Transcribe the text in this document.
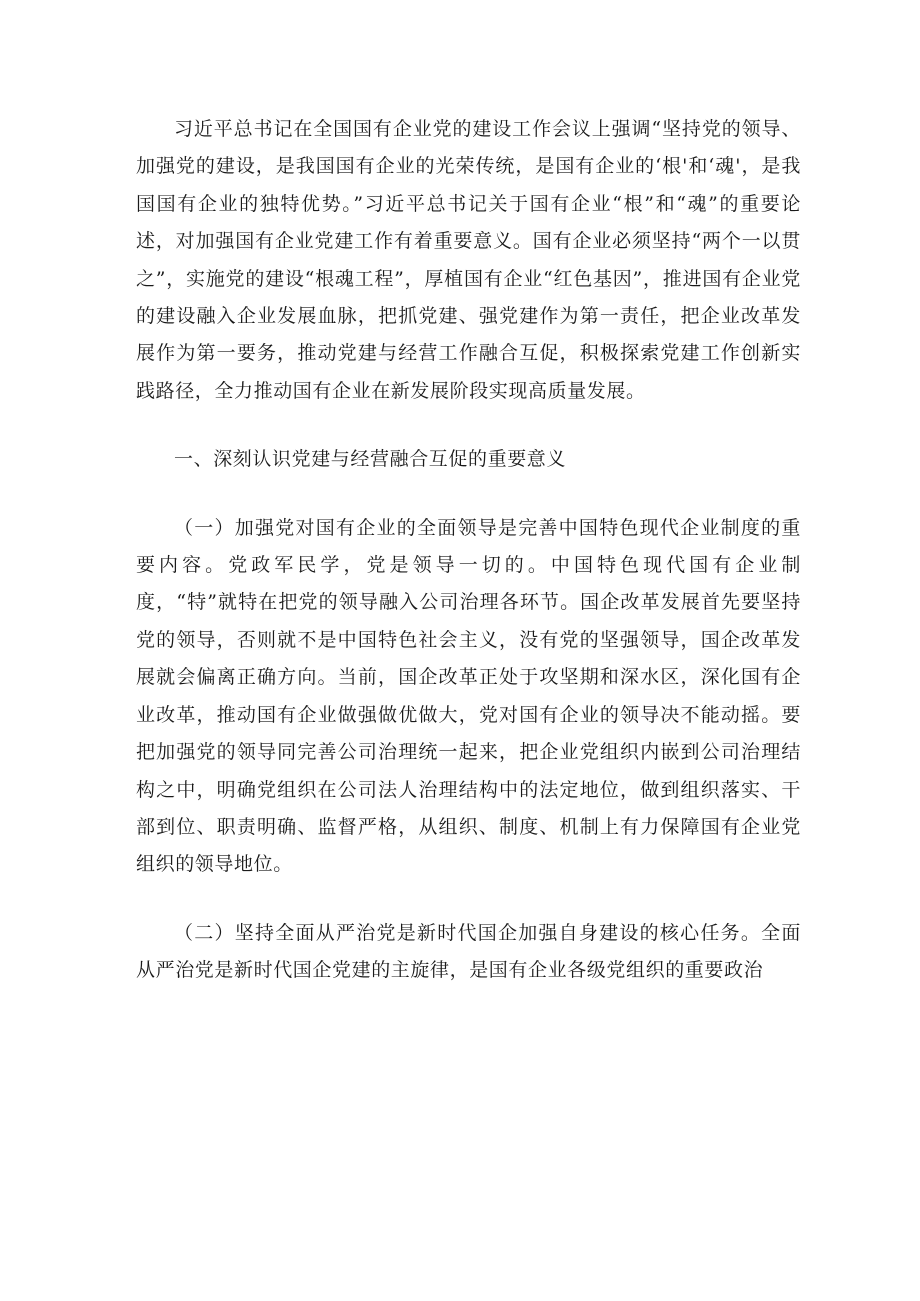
习近平总书记在全国国有企业党的建设工作会议上强调“坚持党的领导、加强党的建设，是我国国有企业的光荣传统，是国有企业的‘根'和‘魂'，是我国国有企业的独特优势。”习近平总书记关于国有企业“根”和“魂”的重要论述，对加强国有企业党建工作有着重要意义。国有企业必须坚持“两个一以贯之”，实施党的建设“根魂工程”，厚植国有企业“红色基因”，推进国有企业党的建设融入企业发展血脉，把抓党建、强党建作为第一责任，把企业改革发展作为第一要务，推动党建与经营工作融合互促，积极探索党建工作创新实践路径，全力推动国有企业在新发展阶段实现高质量发展。

一、深刻认识党建与经营融合互促的重要意义

（一）加强党对国有企业的全面领导是完善中国特色现代企业制度的重要内容。党政军民学，党是领导一切的。中国特色现代国有企业制度，“特”就特在把党的领导融入公司治理各环节。国企改革发展首先要坚持党的领导，否则就不是中国特色社会主义，没有党的坚强领导，国企改革发展就会偏离正确方向。当前，国企改革正处于攻坚期和深水区，深化国有企业改革，推动国有企业做强做优做大，党对国有企业的领导决不能动摇。要把加强党的领导同完善公司治理统一起来，把企业党组织内嵌到公司治理结构之中，明确党组织在公司法人治理结构中的法定地位，做到组织落实、干部到位、职责明确、监督严格，从组织、制度、机制上有力保障国有企业党组织的领导地位。

（二）坚持全面从严治党是新时代国企加强自身建设的核心任务。全面从严治党是新时代国企党建的主旋律，是国有企业各级党组织的重要政治
